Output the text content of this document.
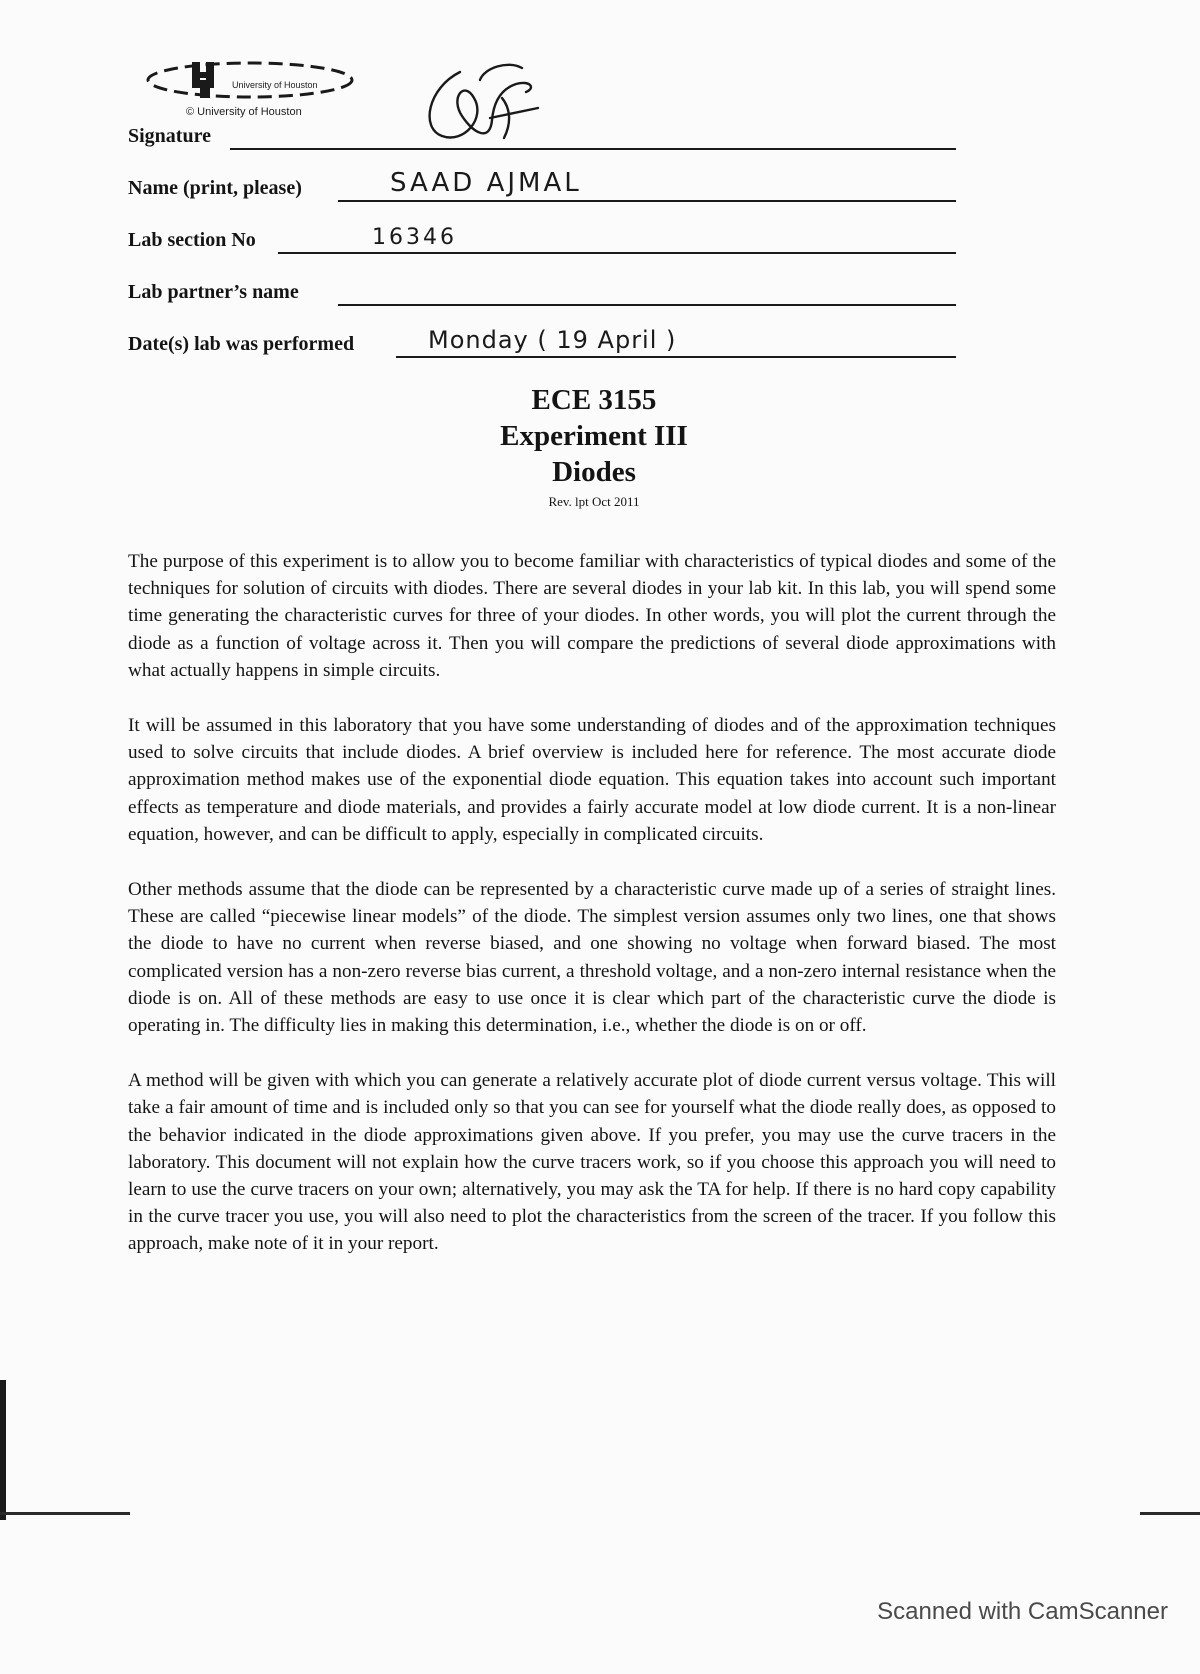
University of Houston
© University of Houston
Signature
Name (print, please)	SAAD AJMAL
Lab section No	16346
Lab partner’s name
Date(s) lab was performed	Monday ( 19 April )
ECE 3155
Experiment III
Diodes
Rev. lpt Oct 2011

The purpose of this experiment is to allow you to become familiar with characteristics of typical diodes and some of the techniques for solution of circuits with diodes. There are several diodes in your lab kit. In this lab, you will spend some time generating the characteristic curves for three of your diodes. In other words, you will plot the current through the diode as a function of voltage across it. Then you will compare the predictions of several diode approximations with what actually happens in simple circuits.

It will be assumed in this laboratory that you have some understanding of diodes and of the approximation techniques used to solve circuits that include diodes. A brief overview is included here for reference. The most accurate diode approximation method makes use of the exponential diode equation. This equation takes into account such important effects as temperature and diode materials, and provides a fairly accurate model at low diode current. It is a non-linear equation, however, and can be difficult to apply, especially in complicated circuits.

Other methods assume that the diode can be represented by a characteristic curve made up of a series of straight lines. These are called “piecewise linear models” of the diode. The simplest version assumes only two lines, one that shows the diode to have no current when reverse biased, and one showing no voltage when forward biased. The most complicated version has a non-zero reverse bias current, a threshold voltage, and a non-zero internal resistance when the diode is on. All of these methods are easy to use once it is clear which part of the characteristic curve the diode is operating in. The difficulty lies in making this determination, i.e., whether the diode is on or off.

A method will be given with which you can generate a relatively accurate plot of diode current versus voltage. This will take a fair amount of time and is included only so that you can see for yourself what the diode really does, as opposed to the behavior indicated in the diode approximations given above. If you prefer, you may use the curve tracers in the laboratory. This document will not explain how the curve tracers work, so if you choose this approach you will need to learn to use the curve tracers on your own; alternatively, you may ask the TA for help. If there is no hard copy capability in the curve tracer you use, you will also need to plot the characteristics from the screen of the tracer. If you follow this approach, make note of it in your report.

Scanned with CamScanner
